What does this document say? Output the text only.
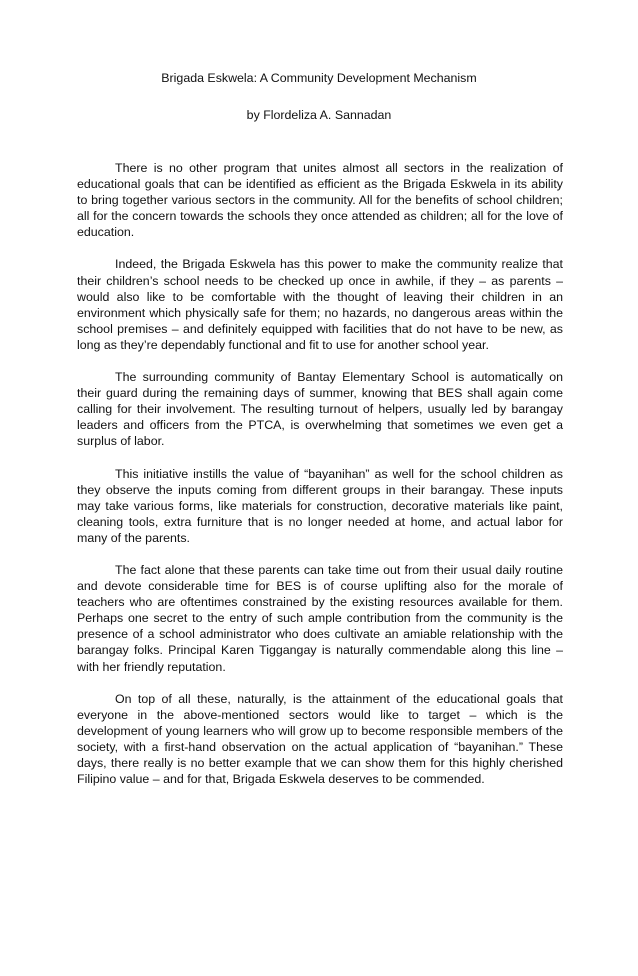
Brigada Eskwela: A Community Development Mechanism

by Flordeliza A. Sannadan

There is no other program that unites almost all sectors in the realization of educational goals that can be identified as efficient as the Brigada Eskwela in its ability to bring together various sectors in the community. All for the benefits of school children; all for the concern towards the schools they once attended as children; all for the love of education.

Indeed, the Brigada Eskwela has this power to make the community realize that their children’s school needs to be checked up once in awhile, if they – as parents – would also like to be comfortable with the thought of leaving their children in an environment which physically safe for them; no hazards, no dangerous areas within the school premises – and definitely equipped with facilities that do not have to be new, as long as they’re dependably functional and fit to use for another school year.

The surrounding community of Bantay Elementary School is automatically on their guard during the remaining days of summer, knowing that BES shall again come calling for their involvement. The resulting turnout of helpers, usually led by barangay leaders and officers from the PTCA, is overwhelming that sometimes we even get a surplus of labor.

This initiative instills the value of “bayanihan” as well for the school children as they observe the inputs coming from different groups in their barangay. These inputs may take various forms, like materials for construction, decorative materials like paint, cleaning tools, extra furniture that is no longer needed at home, and actual labor for many of the parents.

The fact alone that these parents can take time out from their usual daily routine and devote considerable time for BES is of course uplifting also for the morale of teachers who are oftentimes constrained by the existing resources available for them. Perhaps one secret to the entry of such ample contribution from the community is the presence of a school administrator who does cultivate an amiable relationship with the barangay folks. Principal Karen Tiggangay is naturally commendable along this line – with her friendly reputation.

On top of all these, naturally, is the attainment of the educational goals that everyone in the above-mentioned sectors would like to target – which is the development of young learners who will grow up to become responsible members of the society, with a first-hand observation on the actual application of “bayanihan.” These days, there really is no better example that we can show them for this highly cherished Filipino value – and for that, Brigada Eskwela deserves to be commended.
